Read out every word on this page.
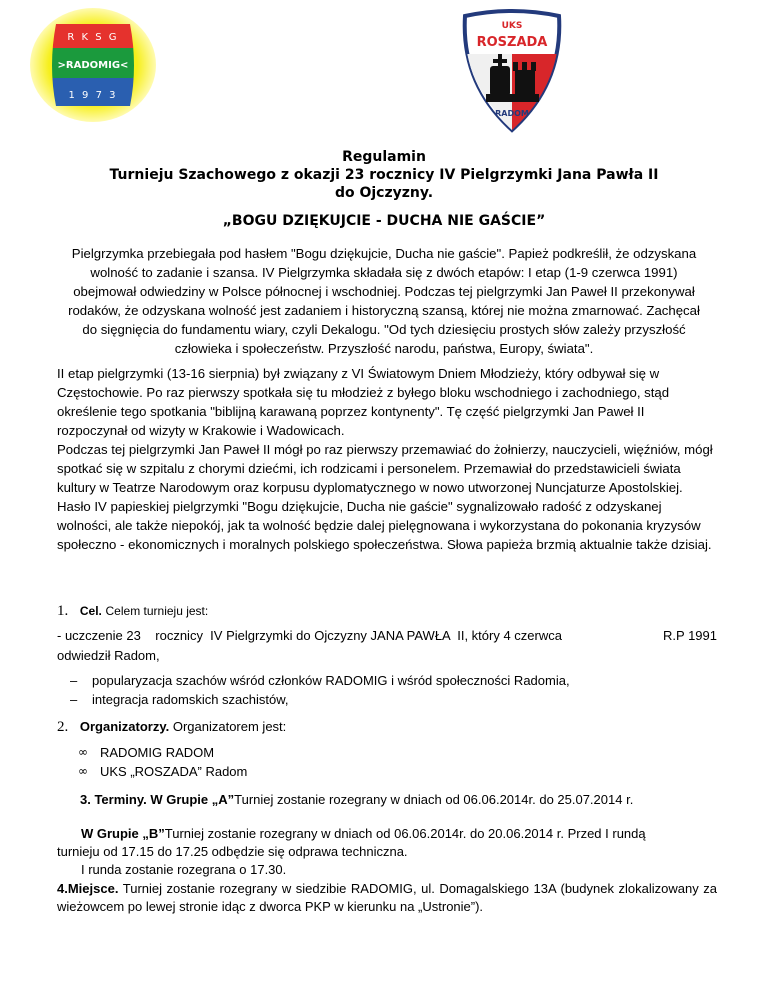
R K S G
>RADOMIG<
1 9 7 3
UKS
ROSZADA
RADOM
Regulamin
Turnieju Szachowego z okazji 23 rocznicy IV Pielgrzymki Jana Pawła II
do Ojczyzny.
„BOGU DZIĘKUJCIE - DUCHA NIE GAŚCIE”
Pielgrzymka przebiegała pod hasłem "Bogu dziękujcie, Ducha nie gaście". Papież podkreślił, że odzyskana wolność to zadanie i szansa. IV Pielgrzymka składała się z dwóch etapów: I etap (1-9 czerwca 1991) obejmował odwiedziny w Polsce północnej i wschodniej. Podczas tej pielgrzymki Jan Paweł II przekonywał rodaków, że odzyskana wolność jest zadaniem i historyczną szansą, której nie można zmarnować. Zachęcał do sięgnięcia do fundamentu wiary, czyli Dekalogu. "Od tych dziesięciu prostych słów zależy przyszłość człowieka i społeczeństw. Przyszłość narodu, państwa, Europy, świata".

II etap pielgrzymki (13-16 sierpnia) był związany z VI Światowym Dniem Młodzieży, który odbywał się w Częstochowie. Po raz pierwszy spotkała się tu młodzież z byłego bloku wschodniego i zachodniego, stąd określenie tego spotkania "biblijną karawaną poprzez kontynenty". Tę część pielgrzymki Jan Paweł II rozpoczynał od wizyty w Krakowie i Wadowicach.

Podczas tej pielgrzymki Jan Paweł II mógł po raz pierwszy przemawiać do żołnierzy, nauczycieli, więźniów, mógł spotkać się w szpitalu z chorymi dziećmi, ich rodzicami i personelem. Przemawiał do przedstawicieli świata kultury w Teatrze Narodowym oraz korpusu dyplomatycznego w nowo utworzonej Nuncjaturze Apostolskiej.

Hasło IV papieskiej pielgrzymki "Bogu dziękujcie, Ducha nie gaście" sygnalizowało radość z odzyskanej wolności, ale także niepokój, jak ta wolność będzie dalej pielęgnowana i wykorzystana do pokonania kryzysów społeczno - ekonomicznych i moralnych polskiego społeczeństwa. Słowa papieża brzmią aktualnie także dzisiaj.

1. Cel. Celem turnieju jest:
- uczczenie 23    rocznicy  IV Pielgrzymki do Ojczyzny JANA PAWŁA  II, który 4 czerwca	R.P 1991
odwiedził Radom,
–	popularyzacja szachów wśród członków RADOMIG i wśród społeczności Radomia,
–	integracja radomskich szachistów,
2. Organizatorzy. Organizatorem jest:
∞ RADOMIG RADOM
∞ UKS „ROSZADA” Radom
3. Terminy. W Grupie „A”Turniej zostanie rozegrany w dniach od 06.06.2014r. do 25.07.2014 r.
W Grupie „B”Turniej zostanie rozegrany w dniach od 06.06.2014r. do 20.06.2014 r. Przed I rundą
turnieju od 17.15 do 17.25 odbędzie się odprawa techniczna.
I runda zostanie rozegrana o 17.30.
4.Miejsce. Turniej zostanie rozegrany w siedzibie RADOMIG, ul. Domagalskiego 13A (budynek zlokalizowany za wieżowcem po lewej stronie idąc z dworca PKP w kierunku na „Ustronie”).
